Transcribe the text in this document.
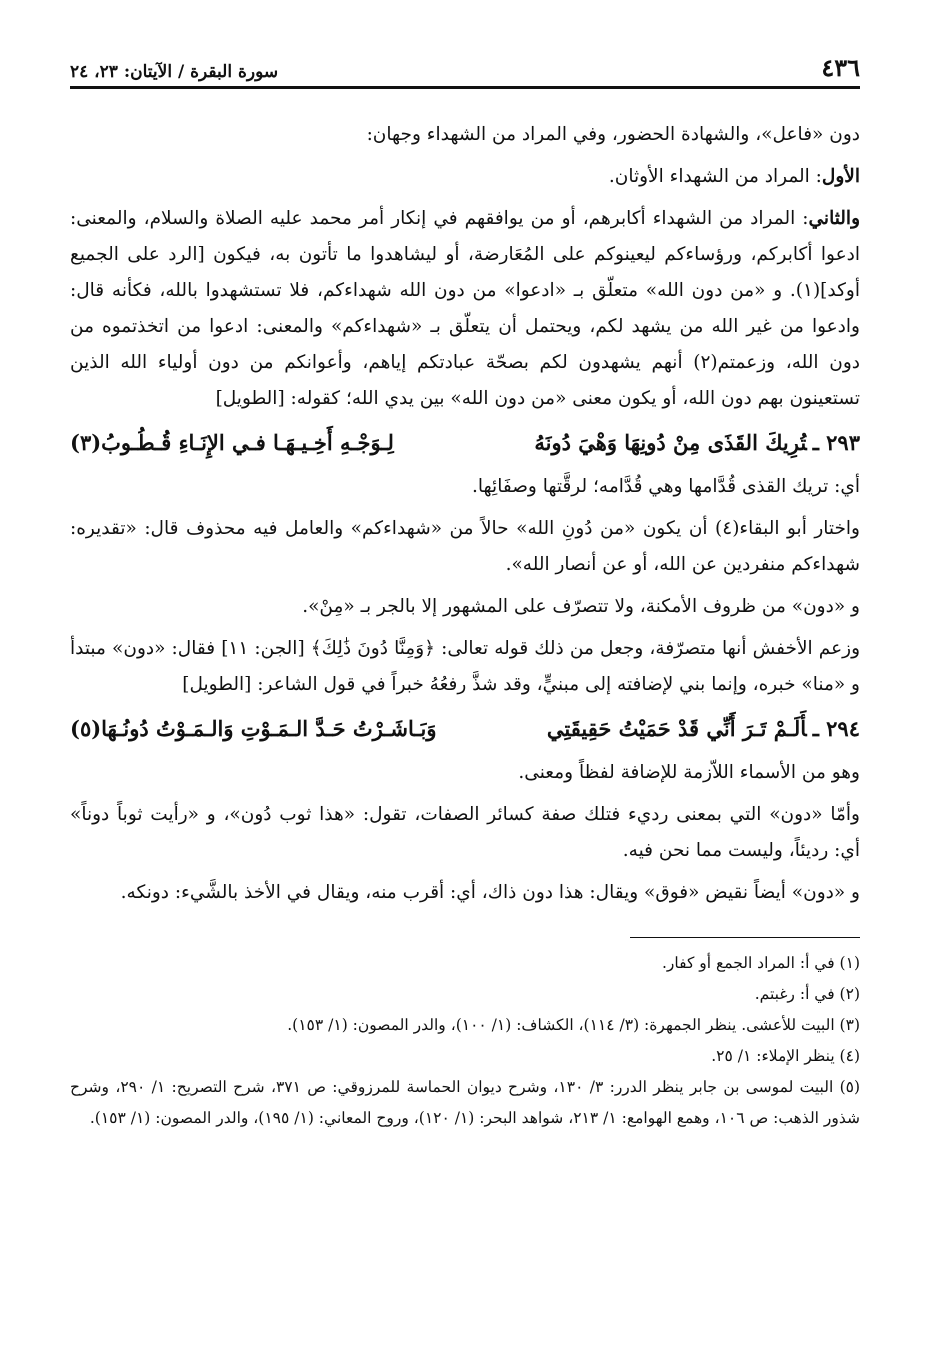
٤٣٦
سورة البقرة / الآيتان: ٢٣، ٢٤

دون «فاعل»، والشهادة الحضور، وفي المراد من الشهداء وجهان:

الأول: المراد من الشهداء الأوثان.

والثاني: المراد من الشهداء أكابرهم، أو من يوافقهم في إنكار أمر محمد عليه الصلاة والسلام، والمعنى: ادعوا أكابركم، ورؤساءكم ليعينوكم على المُعَارضة، أو ليشاهدوا ما تأتون به، فيكون [الرد على الجميع أوكد](١). و «من دون الله» متعلّق بـ «ادعوا» من دون الله شهداءكم، فلا تستشهدوا بالله، فكأنه قال: وادعوا من غير الله من يشهد لكم، ويحتمل أن يتعلّق بـ «شهداءكم» والمعنى: ادعوا من اتخذتموه من دون الله، وزعمتم(٢) أنهم يشهدون لكم بصحّة عبادتكم إياهم، وأعوانكم من دون أولياء الله الذين تستعينون بهم دون الله، أو يكون معنى «من دون الله» بين يدي الله؛ كقوله: [الطويل]

٢٩٣ ـتُرِيكَ القَذَى مِنْ دُونِهَا وَهْيَ دُونَهُ
لِـوَجْـهِ أَخِـيـهَـا فـي الإِنَـاءِ قُـطُـوبُ(٣)

أي: تريك القذى قُدَّامها وهي قُدَّامه؛ لرقَّتها وصفَائِها.

واختار أبو البقاء(٤) أن يكون «من دُونِ الله» حالاً من «شهداءكم» والعامل فيه محذوف قال: «تقديره: شهداءكم منفردين عن الله، أو عن أنصار الله».

و «دون» من ظروف الأمكنة، ولا تتصرّف على المشهور إلا بالجر بـ «مِنْ».

وزعم الأخفش أنها متصرّفة، وجعل من ذلك قوله تعالى: ﴿وَمِنَّا دُونَ ذَٰلِكَ﴾ [الجن: ١١] فقال: «دون» مبتدأ و «منا» خبره، وإنما بني لإضافته إلى مبنيٍّ، وقد شذَّ رفعُهُ خبراً في قول الشاعر: [الطويل]

٢٩٤ ـأَلَـمْ تَـرَ أَنِّي قَدْ حَمَيْتُ حَقِيقَتِي
وَبَـاشَـرْتُ حَـدَّ الـمَـوْتِ وَالـمَـوْتُ دُونُـهَا(٥)

وهو من الأسماء اللاّزمة للإضافة لفظاً ومعنى.

وأمّا «دون» التي بمعنى رديء فتلك صفة كسائر الصفات، تقول: «هذا ثوب دُون»، و «رأيت ثوباً دوناً» أي: رديئاً، وليست مما نحن فيه.

و «دون» أيضاً نقيض «فوق» ويقال: هذا دون ذاك، أي: أقرب منه، ويقال في الأخذ بالشَّيء: دونكه.

(١) في أ: المراد الجمع أو كفار.

(٢) في أ: رغبتم.

(٣) البيت للأعشى. ينظر الجمهرة: (٣/ ١١٤)، الكشاف: (١/ ١٠٠)، والدر المصون: (١/ ١٥٣).

(٤) ينظر الإملاء: ١/ ٢٥.

(٥) البيت لموسى بن جابر ينظر الدرر: ٣/ ١٣٠، وشرح ديوان الحماسة للمرزوقي: ص ٣٧١، شرح التصريح: ١/ ٢٩٠، وشرح شذور الذهب: ص ١٠٦، وهمع الهوامع: ١/ ٢١٣، شواهد البحر: (١/ ١٢٠)، وروح المعاني: (١/ ١٩٥)، والدر المصون: (١/ ١٥٣).
